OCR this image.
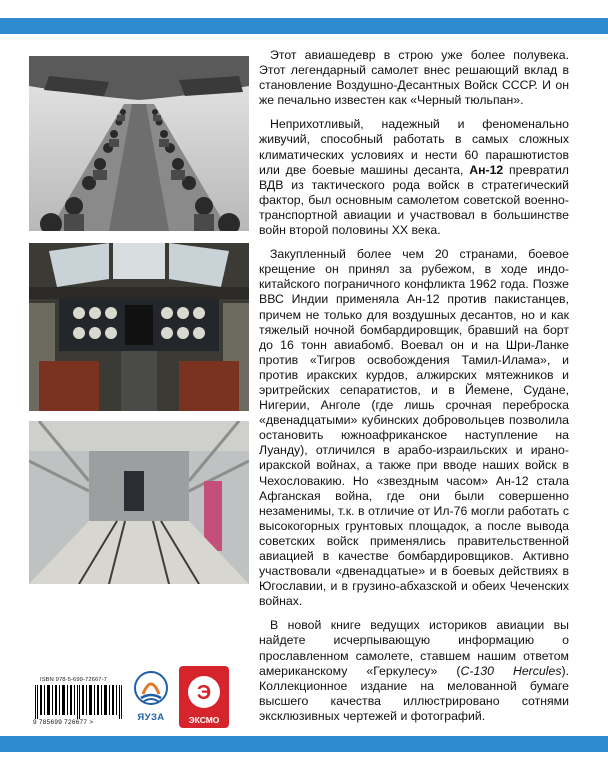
Этот авиашедевр в строю уже более полувека. Этот легендарный самолет внес решающий вклад в становление Воздушно-Десантных Войск СССР. И он же печально известен как «Черный тюльпан».

Неприхотливый, надежный и феноменально живучий, способный работать в самых сложных климатических условиях и нести 60 парашютистов или две боевые машины десанта, Ан-12 превратил ВДВ из тактического рода войск в стратегический фактор, был основным самолетом советской военно-транспортной авиации и участвовал в большинстве войн второй половины XX века.

Закупленный более чем 20 странами, боевое крещение он принял за рубежом, в ходе индо-китайского пограничного конфликта 1962 года. Позже ВВС Индии применяла Ан-12 против пакистанцев, причем не только для воздушных десантов, но и как тяжелый ночной бомбардировщик, бравший на борт до 16 тонн авиабомб. Воевал он и на Шри-Ланке против «Тигров освобождения Тамил-Илама», и против иракских курдов, алжирских мятежников и эритрейских сепаратистов, и в Йемене, Судане, Нигерии, Анголе (где лишь срочная переброска «двенадцатыми» кубинских добровольцев позволила остановить южноафриканское наступление на Луанду), отличился в арабо-израильских и ирано-иракской войнах, а также при вводе наших войск в Чехословакию. Но «звездным часом» Ан-12 стала Афганская война, где они были совершенно незаменимы, т.к. в отличие от Ил-76 могли работать с высокогорных грунтовых площадок, а после вывода советских войск применялись правительственной авиацией в качестве бомбардировщиков. Активно участвовали «двенадцатые» и в боевых действиях в Югославии, и в грузино-абхазской и обеих Чеченских войнах.

В новой книге ведущих историков авиации вы найдете исчерпывающую информацию о прославленном самолете, ставшем нашим ответом американскому «Геркулесу» (C-130 Hercules). Коллекционное издание на мелованной бумаге высшего качества иллюстрировано сотнями эксклюзивных чертежей и фотографий.

ISBN 978-5-699-72667-7
9 785699 726677 >	ЯУЗА
Э
ЭКСМО
